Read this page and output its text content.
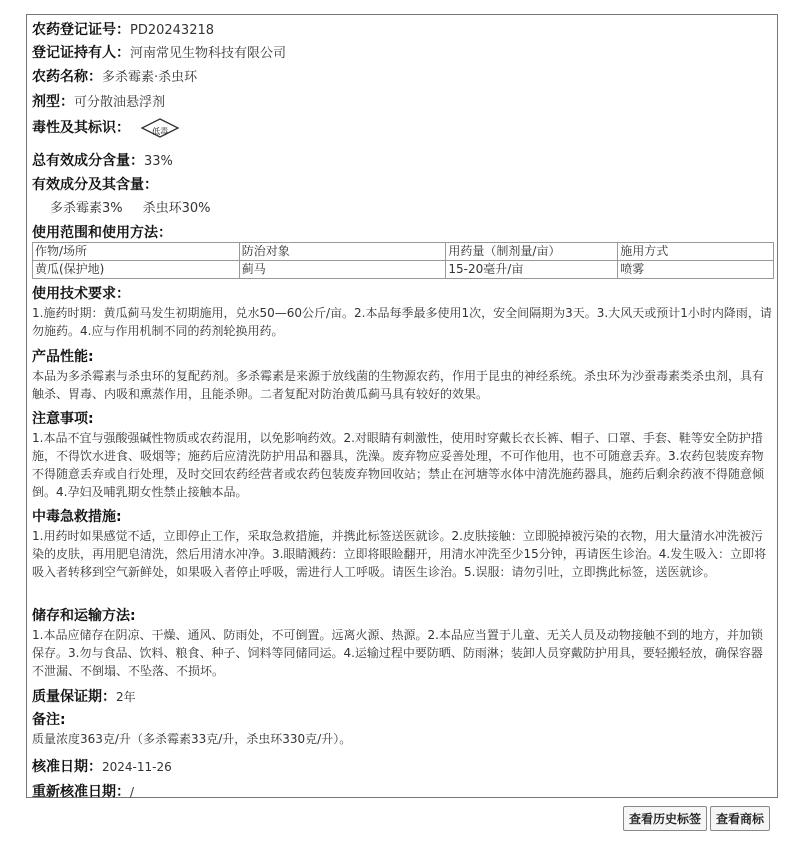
农药登记证号：PD20243218
登记证持有人：河南常见生物科技有限公司
农药名称：多杀霉素·杀虫环
剂型：可分散油悬浮剂
毒性及其标识：	低毒
总有效成分含量：33%
有效成分及其含量：
多杀霉素3% 杀虫环30%
使用范围和使用方法：
作物/场所	防治对象	用药量（制剂量/亩）	施用方式
黄瓜(保护地)	蓟马	15-20毫升/亩	喷雾
使用技术要求：

1.施药时期：黄瓜蓟马发生初期施用，兑水50—60公斤/亩。2.本品每季最多使用1次，安全间隔期为3天。3.大风天或预计1小时内降雨，请勿施药。4.应与作用机制不同的药剂轮换用药。

产品性能:

本品为多杀霉素与杀虫环的复配药剂。多杀霉素是来源于放线菌的生物源农药，作用于昆虫的神经系统。杀虫环为沙蚕毒素类杀虫剂，具有触杀、胃毒、内吸和熏蒸作用，且能杀卵。二者复配对防治黄瓜蓟马具有较好的效果。

注意事项:

1.本品不宜与强酸强碱性物质或农药混用，以免影响药效。2.对眼睛有刺激性，使用时穿戴长衣长裤、帽子、口罩、手套、鞋等安全防护措施，不得饮水进食、吸烟等；施药后应清洗防护用品和器具，洗澡。废弃物应妥善处理，不可作他用，也不可随意丢弃。3.农药包装废弃物不得随意丢弃或自行处理，及时交回农药经营者或农药包装废弃物回收站；禁止在河塘等水体中清洗施药器具，施药后剩余药液不得随意倾倒。4.孕妇及哺乳期女性禁止接触本品。

中毒急救措施:

1.用药时如果感觉不适，立即停止工作，采取急救措施，并携此标签送医就诊。2.皮肤接触：立即脱掉被污染的衣物，用大量清水冲洗被污染的皮肤，再用肥皂清洗，然后用清水冲净。3.眼睛溅药：立即将眼睑翻开，用清水冲洗至少15分钟，再请医生诊治。4.发生吸入：立即将吸入者转移到空气新鲜处，如果吸入者停止呼吸，需进行人工呼吸。请医生诊治。5.误服：请勿引吐，立即携此标签，送医就诊。

储存和运输方法:

1.本品应储存在阴凉、干燥、通风、防雨处，不可倒置。远离火源、热源。2.本品应当置于儿童、无关人员及动物接触不到的地方，并加锁保存。3.勿与食品、饮料、粮食、种子、饲料等同储同运。4.运输过程中要防晒、防雨淋；装卸人员穿戴防护用具，要轻搬轻放，确保容器不泄漏、不倒塌、不坠落、不损坏。

质量保证期：2年
备注:

质量浓度363克/升（多杀霉素33克/升，杀虫环330克/升）。

核准日期：2024-11-26
重新核准日期：/
查看历史标签 查看商标
